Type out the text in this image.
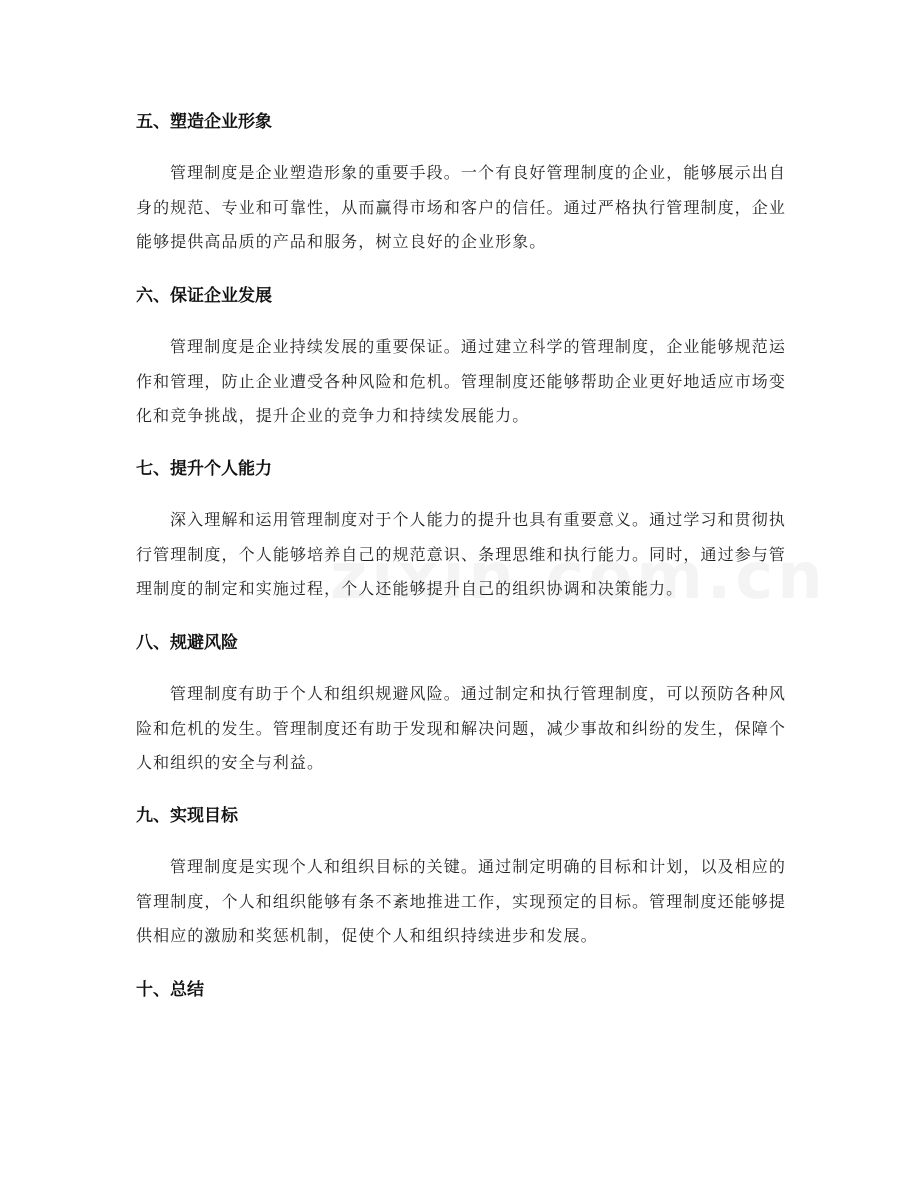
五、塑造企业形象
管理制度是企业塑造形象的重要手段。一个有良好管理制度的企业，能够展示出自身的规范、专业和可靠性，从而赢得市场和客户的信任。通过严格执行管理制度，企业能够提供高品质的产品和服务，树立良好的企业形象。
六、保证企业发展
管理制度是企业持续发展的重要保证。通过建立科学的管理制度，企业能够规范运作和管理，防止企业遭受各种风险和危机。管理制度还能够帮助企业更好地适应市场变化和竞争挑战，提升企业的竞争力和持续发展能力。
七、提升个人能力
深入理解和运用管理制度对于个人能力的提升也具有重要意义。通过学习和贯彻执行管理制度，个人能够培养自己的规范意识、条理思维和执行能力。同时，通过参与管理制度的制定和实施过程，个人还能够提升自己的组织协调和决策能力。
八、规避风险
管理制度有助于个人和组织规避风险。通过制定和执行管理制度，可以预防各种风险和危机的发生。管理制度还有助于发现和解决问题，减少事故和纠纷的发生，保障个人和组织的安全与利益。
九、实现目标
管理制度是实现个人和组织目标的关键。通过制定明确的目标和计划，以及相应的管理制度，个人和组织能够有条不紊地推进工作，实现预定的目标。管理制度还能够提供相应的激励和奖惩机制，促使个人和组织持续进步和发展。
十、总结
